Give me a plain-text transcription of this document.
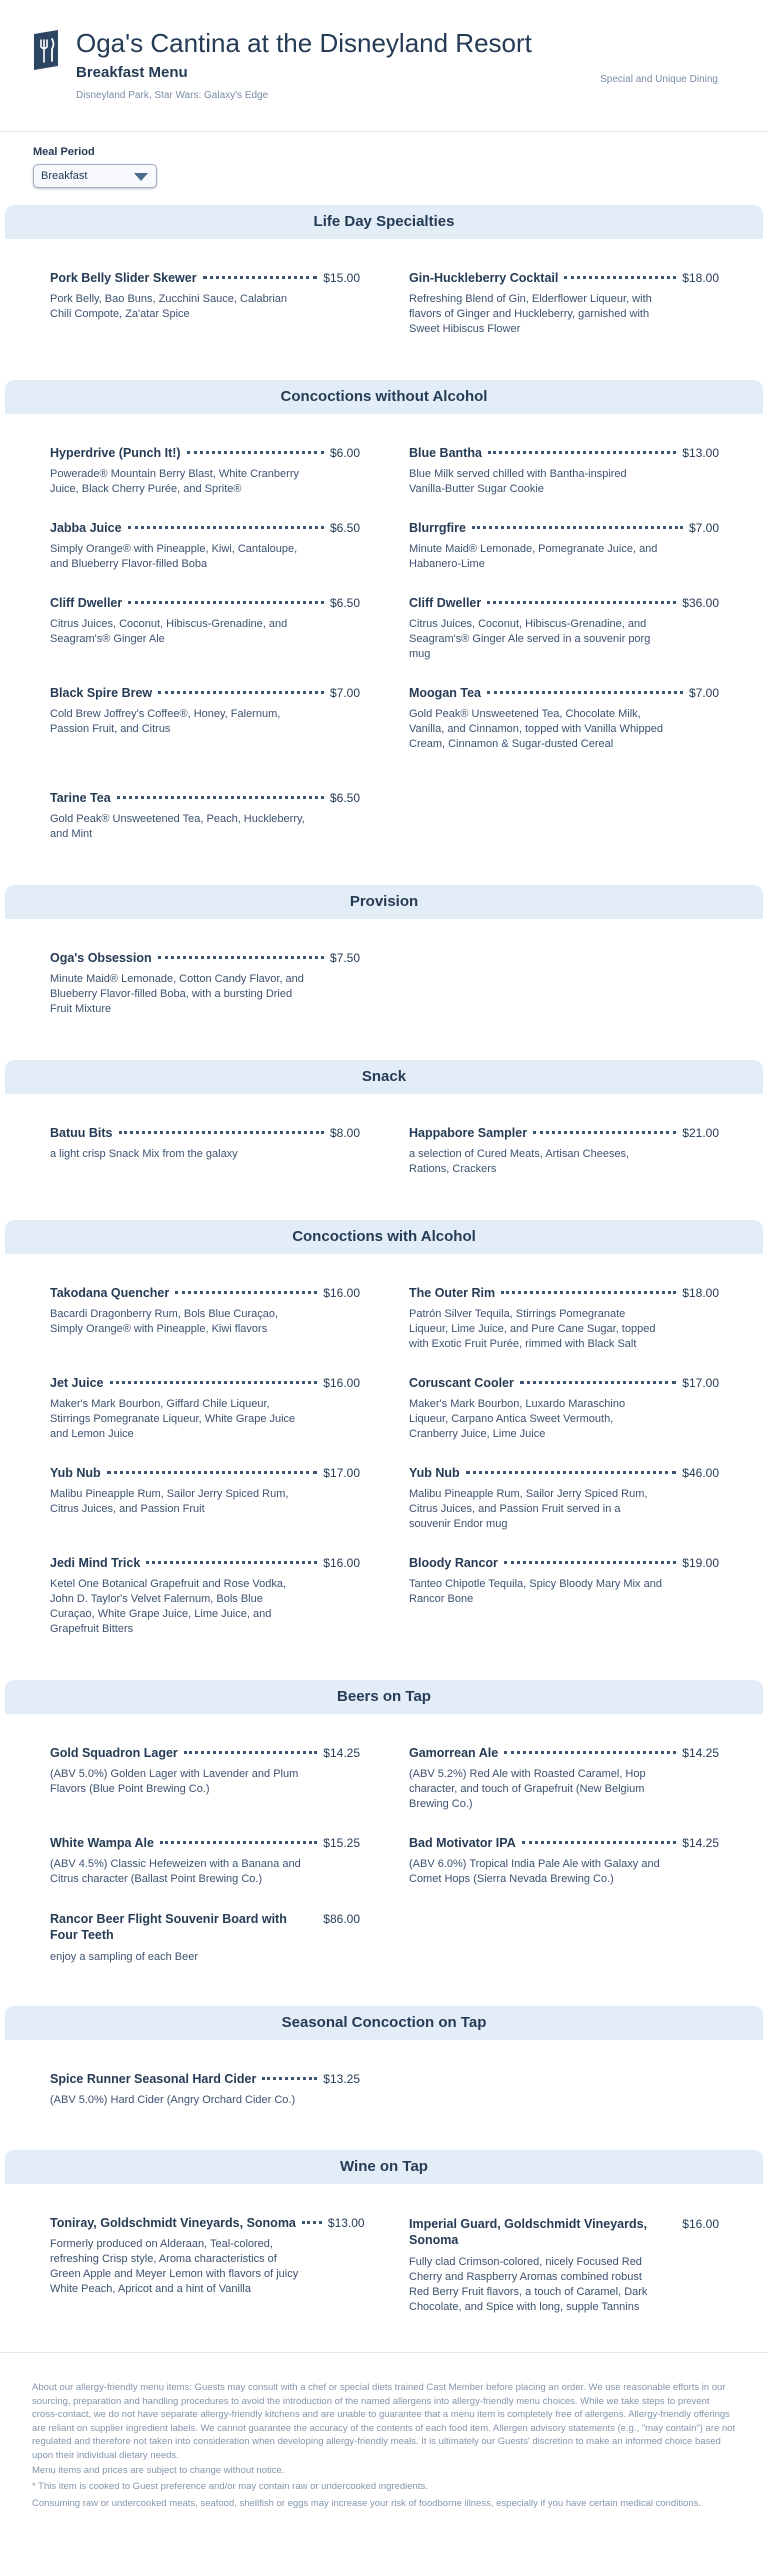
Oga's Cantina at the Disneyland Resort
Breakfast Menu
Disneyland Park, Star Wars: Galaxy's Edge
Special and Unique Dining
Meal Period
Breakfast
Life Day Specialties
Pork Belly Slider Skewer	$15.00
Pork Belly, Bao Buns, Zucchini Sauce, Calabrian Chili Compote, Za'atar Spice
Gin-Huckleberry Cocktail	$18.00
Refreshing Blend of Gin, Elderflower Liqueur, with flavors of Ginger and Huckleberry, garnished with Sweet Hibiscus Flower
Concoctions without Alcohol
Hyperdrive (Punch It!)	$6.00
Powerade® Mountain Berry Blast, White Cranberry Juice, Black Cherry Purée, and Sprite®
Blue Bantha	$13.00
Blue Milk served chilled with Bantha-inspired Vanilla-Butter Sugar Cookie
Jabba Juice	$6.50
Simply Orange® with Pineapple, Kiwi, Cantaloupe, and Blueberry Flavor-filled Boba
Blurrgfire	$7.00
Minute Maid® Lemonade, Pomegranate Juice, and Habanero-Lime
Cliff Dweller	$6.50
Citrus Juices, Coconut, Hibiscus-Grenadine, and Seagram's® Ginger Ale
Cliff Dweller	$36.00
Citrus Juices, Coconut, Hibiscus-Grenadine, and Seagram's® Ginger Ale served in a souvenir porg mug
Black Spire Brew	$7.00
Cold Brew Joffrey's Coffee®, Honey, Falernum, Passion Fruit, and Citrus
Moogan Tea	$7.00
Gold Peak® Unsweetened Tea, Chocolate Milk, Vanilla, and Cinnamon, topped with Vanilla Whipped Cream, Cinnamon & Sugar-dusted Cereal
Tarine Tea	$6.50
Gold Peak® Unsweetened Tea, Peach, Huckleberry, and Mint
Provision
Oga's Obsession	$7.50
Minute Maid® Lemonade, Cotton Candy Flavor, and Blueberry Flavor-filled Boba, with a bursting Dried Fruit Mixture
Snack
Batuu Bits	$8.00
a light crisp Snack Mix from the galaxy
Happabore Sampler	$21.00
a selection of Cured Meats, Artisan Cheeses, Rations, Crackers
Concoctions with Alcohol
Takodana Quencher	$16.00
Bacardi Dragonberry Rum, Bols Blue Curaçao, Simply Orange® with Pineapple, Kiwi flavors
The Outer Rim	$18.00
Patrón Silver Tequila, Stirrings Pomegranate Liqueur, Lime Juice, and Pure Cane Sugar, topped with Exotic Fruit Purée, rimmed with Black Salt
Jet Juice	$16.00
Maker's Mark Bourbon, Giffard Chile Liqueur, Stirrings Pomegranate Liqueur, White Grape Juice and Lemon Juice
Coruscant Cooler	$17.00
Maker's Mark Bourbon, Luxardo Maraschino Liqueur, Carpano Antica Sweet Vermouth, Cranberry Juice, Lime Juice
Yub Nub	$17.00
Malibu Pineapple Rum, Sailor Jerry Spiced Rum, Citrus Juices, and Passion Fruit
Yub Nub	$46.00
Malibu Pineapple Rum, Sailor Jerry Spiced Rum, Citrus Juices, and Passion Fruit served in a souvenir Endor mug
Jedi Mind Trick	$16.00
Ketel One Botanical Grapefruit and Rose Vodka, John D. Taylor's Velvet Falernum, Bols Blue Curaçao, White Grape Juice, Lime Juice, and Grapefruit Bitters
Bloody Rancor	$19.00
Tanteo Chipotle Tequila, Spicy Bloody Mary Mix and Rancor Bone
Beers on Tap
Gold Squadron Lager	$14.25
(ABV 5.0%) Golden Lager with Lavender and Plum Flavors (Blue Point Brewing Co.)
Gamorrean Ale	$14.25
(ABV 5.2%) Red Ale with Roasted Caramel, Hop character, and touch of Grapefruit (New Belgium Brewing Co.)
White Wampa Ale	$15.25
(ABV 4.5%) Classic Hefeweizen with a Banana and Citrus character (Ballast Point Brewing Co.)
Bad Motivator IPA	$14.25
(ABV 6.0%) Tropical India Pale Ale with Galaxy and Comet Hops (Sierra Nevada Brewing Co.)
Rancor Beer Flight Souvenir Board with Four Teeth
$86.00
enjoy a sampling of each Beer
Seasonal Concoction on Tap
Spice Runner Seasonal Hard Cider	$13.25
(ABV 5.0%) Hard Cider (Angry Orchard Cider Co.)
Wine on Tap
Toniray, Goldschmidt Vineyards, Sonoma	$13.00
Formerly produced on Alderaan, Teal-colored, refreshing Crisp style, Aroma characteristics of Green Apple and Meyer Lemon with flavors of juicy White Peach, Apricot and a hint of Vanilla
Imperial Guard, Goldschmidt Vineyards, Sonoma
$16.00
Fully clad Crimson-colored, nicely Focused Red Cherry and Raspberry Aromas combined robust Red Berry Fruit flavors, a touch of Caramel, Dark Chocolate, and Spice with long, supple Tannins

About our allergy-friendly menu items: Guests may consult with a chef or special diets trained Cast Member before placing an order. We use reasonable efforts in our sourcing, preparation and handling procedures to avoid the introduction of the named allergens into allergy-friendly menu choices. While we take steps to prevent cross-contact, we do not have separate allergy-friendly kitchens and are unable to guarantee that a menu item is completely free of allergens. Allergy-friendly offerings are reliant on supplier ingredient labels. We cannot guarantee the accuracy of the contents of each food item. Allergen advisory statements (e.g., "may contain") are not regulated and therefore not taken into consideration when developing allergy-friendly meals. It is ultimately our Guests' discretion to make an informed choice based upon their individual dietary needs.

Menu items and prices are subject to change without notice.

* This item is cooked to Guest preference and/or may contain raw or undercooked ingredients.

Consuming raw or undercooked meats, seafood, shellfish or eggs may increase your risk of foodborne illness, especially if you have certain medical conditions.
